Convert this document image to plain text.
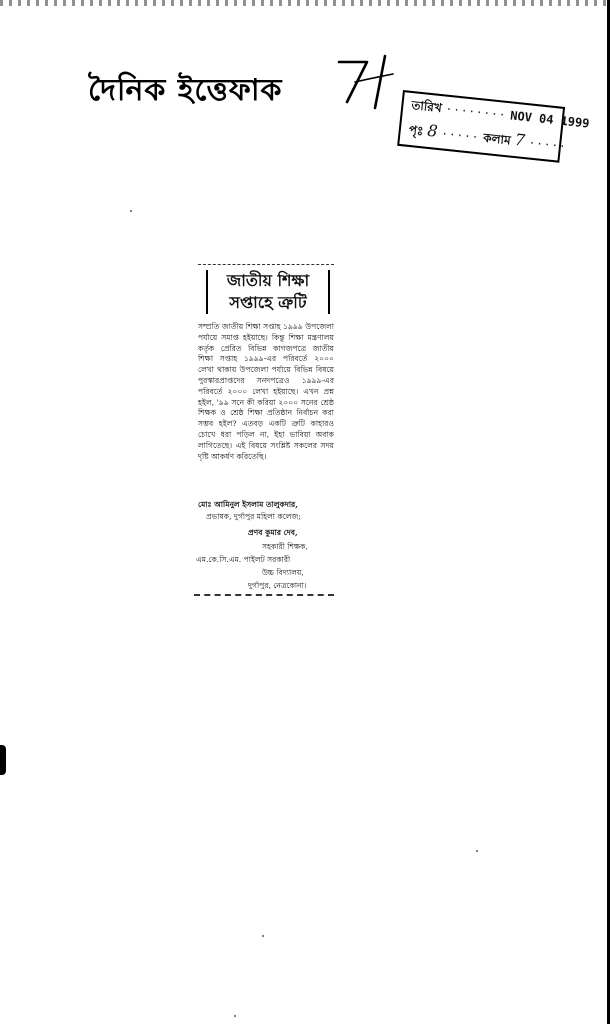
দৈনিক ইত্তেফাক	তারিখ ········ NOV 04 1999
পৃঃ 8 ····· কলাম 7 ·····
জাতীয় শিক্ষা সপ্তাহে ত্রুটি
সম্প্রতি জাতীয় শিক্ষা সপ্তাহ ১৯৯৯ উপজেলা পর্যায়ে সমাপ্ত হইয়াছে। কিন্তু শিক্ষা মন্ত্রণালয় কর্তৃক প্রেরিত বিভিন্ন কাগজপত্রে জাতীয় শিক্ষা সপ্তাহ ১৯৯৯-এর পরিবর্তে ২০০০ লেখা থাকায় উপজেলা পর্যায়ে বিভিন্ন বিষয়ে পুরস্কারপ্রাপ্তদের সনদপত্রেও ১৯৯৯-এর পরিবর্তে ২০০০ লেখা হইয়াছে। এখন প্রশ্ন হইল, '৯৯ সনে কী করিয়া ২০০০ সনের শ্রেষ্ঠ শিক্ষক ও শ্রেষ্ঠ শিক্ষা প্রতিষ্ঠান নির্বাচন করা সম্ভব হইল? এতবড় একটি ত্রুটি কাহারও চোখে ধরা পড়িল না, ইহা ভাবিয়া অবাক লাগিতেছে। এই বিষয়ে সংশ্লিষ্ট সকলের সদয় দৃষ্টি আকর্ষণ করিতেছি।
মোঃ আমিনুল ইসলাম তালুকদার,
প্রভাষক, দুর্গাপুর মহিলা কলেজ;
প্রণব কুমার দেব,
সহকারী শিক্ষক,
এম.কে.সি.এম. পাইলট সরকারী
উচ্চ বিদ্যালয়,
দুর্গাপুর, নেত্রকোনা।
